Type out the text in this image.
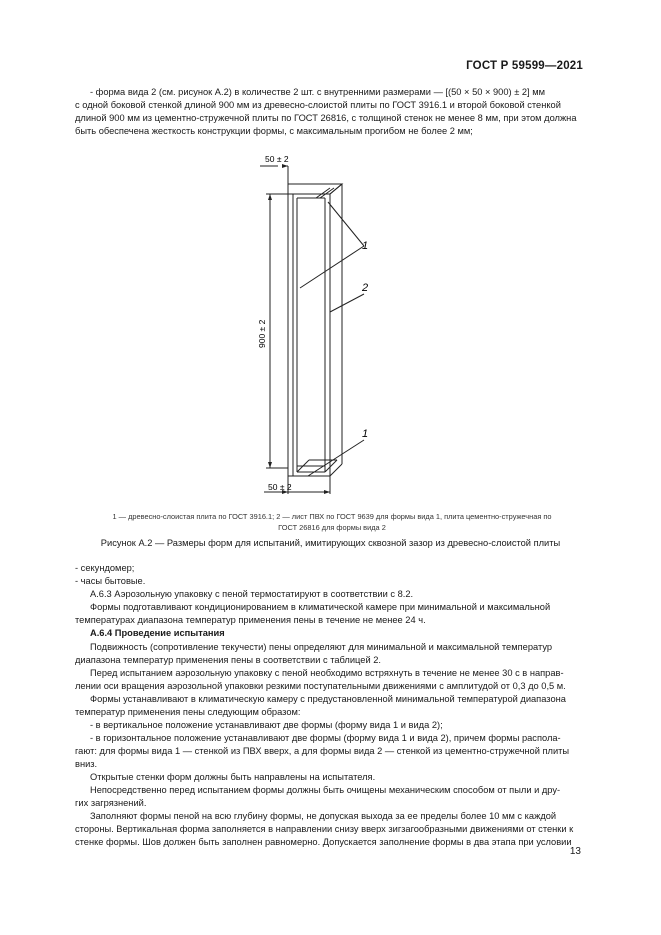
ГОСТ Р 59599—2021
- форма вида 2 (см. рисунок А.2) в количестве 2 шт. с внутренними размерами — [(50 × 50 × 900) ± 2] мм
с одной боковой стенкой длиной 900 мм из древесно-слоистой плиты по ГОСТ 3916.1 и второй боковой стенкой
длиной 900 мм из цементно-стружечной плиты по ГОСТ 26816, с толщиной стенок не менее 8 мм, при этом должна
быть обеспечена жесткость конструкции формы, с максимальным прогибом не более 2 мм;
50 ± 2
900 ± 2
50 ± 2
1
2
1
1 — древесно-слоистая плита по ГОСТ 3916.1; 2 — лист ПВХ по ГОСТ 9639 для формы вида 1, плита цементно-стружечная по
ГОСТ 26816 для формы вида 2
Рисунок А.2 — Размеры форм для испытаний, имитирующих сквозной зазор из древесно-слоистой плиты
- секундомер;
- часы бытовые.
А.6.3 Аэрозольную упаковку с пеной термостатируют в соответствии с 8.2.
Формы подготавливают кондиционированием в климатической камере при минимальной и максимальной
температурах диапазона температур применения пены в течение не менее 24 ч.
А.6.4 Проведение испытания
Подвижность (сопротивление текучести) пены определяют для минимальной и максимальной температур
диапазона температур применения пены в соответствии с таблицей 2.
Перед испытанием аэрозольную упаковку с пеной необходимо встряхнуть в течение не менее 30 с в направ-
лении оси вращения аэрозольной упаковки резкими поступательными движениями с амплитудой от 0,3 до 0,5 м.
Формы устанавливают в климатическую камеру с предустановленной минимальной температурой диапазона
температур применения пены следующим образом:
- в вертикальное положение устанавливают две формы (форму вида 1 и вида 2);
- в горизонтальное положение устанавливают две формы (форму вида 1 и вида 2), причем формы распола-
гают: для формы вида 1 — стенкой из ПВХ вверх, а для формы вида 2 — стенкой из цементно-стружечной плиты
вниз.
Открытые стенки форм должны быть направлены на испытателя.
Непосредственно перед испытанием формы должны быть очищены механическим способом от пыли и дру-
гих загрязнений.
Заполняют формы пеной на всю глубину формы, не допуская выхода за ее пределы более 10 мм с каждой
стороны. Вертикальная форма заполняется в направлении снизу вверх зигзагообразными движениями от стенки к
стенке формы. Шов должен быть заполнен равномерно. Допускается заполнение формы в два этапа при условии
13
